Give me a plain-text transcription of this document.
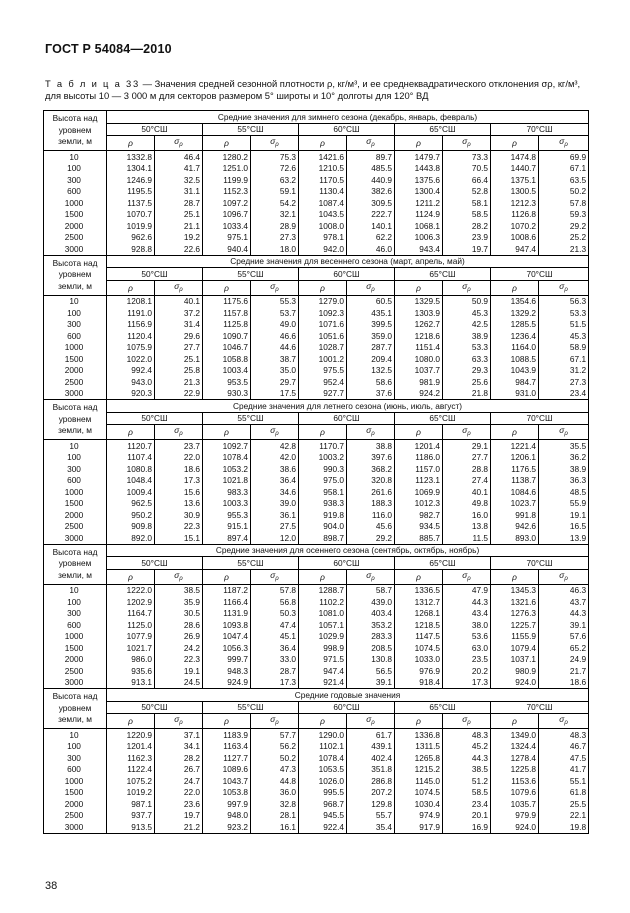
ГОСТ Р 54084—2010
Т а б л и ц а 33 — Значения средней сезонной плотности ρ, кг/м³, и ее среднеквадратического отклонения σρ, кг/м³, для высоты 10 — 3 000 м для секторов размером 5° широты и 10° долготы для 120° ВД
Высота над уровнем земли, м	Средние значения для зимнего сезона (декабрь, январь, февраль)									
	50°СШ		55°СШ		60°СШ		65°СШ		70°СШ	
	ρ	$\sigma_\rho$	ρ	$\sigma_\rho$	ρ	$\sigma_\rho$	ρ	$\sigma_\rho$	ρ	$\sigma_\rho$
10	1332.8	46.4	1280.2	75.3	1421.6	89.7	1479.7	73.3	1474.8	69.9
100	1304.1	41.7	1251.0	72.6	1210.5	485.5	1443.8	70.5	1440.7	67.1
300	1246.9	32.5	1199.9	63.2	1170.5	440.9	1375.6	66.4	1375.1	63.5
600	1195.5	31.1	1152.3	59.1	1130.4	382.6	1300.4	52.8	1300.5	50.2
1000	1137.5	28.7	1097.2	54.2	1087.4	309.5	1211.2	58.1	1212.3	57.8
1500	1070.7	25.1	1096.7	32.1	1043.5	222.7	1124.9	58.5	1126.8	59.3
2000	1019.9	21.1	1033.4	28.9	1008.0	140.1	1068.1	28.2	1070.2	29.2
2500	962.6	19.2	975.1	27.3	978.1	62.2	1006.3	23.9	1008.6	25.2
3000	928.8	22.6	940.4	18.0	942.0	46.0	943.4	19.7	947.4	21.3
Высота над уровнем земли, м	Средние значения для весеннего сезона (март, апрель, май)									
	50°СШ		55°СШ		60°СШ		65°СШ		70°СШ	
	ρ	$\sigma_\rho$	ρ	$\sigma_\rho$	ρ	$\sigma_\rho$	ρ	$\sigma_\rho$	ρ	$\sigma_\rho$
10	1208.1	40.1	1175.6	55.3	1279.0	60.5	1329.5	50.9	1354.6	56.3
100	1191.0	37.2	1157.8	53.7	1092.3	435.1	1303.9	45.3	1329.2	53.3
300	1156.9	31.4	1125.8	49.0	1071.6	399.5	1262.7	42.5	1285.5	51.5
600	1120.4	29.6	1090.7	46.6	1051.6	359.0	1218.6	38.9	1236.4	45.3
1000	1075.9	27.7	1046.7	44.6	1028.7	287.7	1151.4	53.3	1164.0	58.9
1500	1022.0	25.1	1058.8	38.7	1001.2	209.4	1080.0	63.3	1088.5	67.1
2000	992.4	25.8	1003.4	35.0	975.5	132.5	1037.7	29.3	1043.9	31.2
2500	943.0	21.3	953.5	29.7	952.4	58.6	981.9	25.6	984.7	27.3
3000	920.3	22.9	930.3	17.5	927.7	37.6	924.2	21.8	931.0	23.4
Высота над уровнем земли, м	Средние значения для летнего сезона (июнь, июль, август)									
	50°СШ		55°СШ		60°СШ		65°СШ		70°СШ	
	ρ	$\sigma_\rho$	ρ	$\sigma_\rho$	ρ	$\sigma_\rho$	ρ	$\sigma_\rho$	ρ	$\sigma_\rho$
10	1120.7	23.7	1092.7	42.8	1170.7	38.8	1201.4	29.1	1221.4	35.5
100	1107.4	22.0	1078.4	42.0	1003.2	397.6	1186.0	27.7	1206.1	36.2
300	1080.8	18.6	1053.2	38.6	990.3	368.2	1157.0	28.8	1176.5	38.9
600	1048.4	17.3	1021.8	36.4	975.0	320.8	1123.1	27.4	1138.7	36.3
1000	1009.4	15.6	983.3	34.6	958.1	261.6	1069.9	40.1	1084.6	48.5
1500	962.5	13.6	1003.3	39.0	938.3	188.3	1012.3	49.8	1023.7	55.9
2000	950.2	30.9	955.3	36.1	919.8	116.0	982.7	16.0	991.8	19.1
2500	909.8	22.3	915.1	27.5	904.0	45.6	934.5	13.8	942.6	16.5
3000	892.0	15.1	897.4	12.0	898.7	29.2	885.7	11.5	893.0	13.9
Высота над уровнем земли, м	Средние значения для осеннего сезона (сентябрь, октябрь, ноябрь)									
	50°СШ		55°СШ		60°СШ		65°СШ		70°СШ	
	ρ	$\sigma_\rho$	ρ	$\sigma_\rho$	ρ	$\sigma_\rho$	ρ	$\sigma_\rho$	ρ	$\sigma_\rho$
10	1222.0	38.5	1187.2	57.8	1288.7	58.7	1336.5	47.9	1345.3	46.3
100	1202.9	35.9	1166.4	56.8	1102.2	439.0	1312.7	44.3	1321.6	43.7
300	1164.7	30.5	1131.9	50.3	1081.0	403.4	1268.1	43.4	1276.3	44.3
600	1125.0	28.6	1093.8	47.4	1057.1	353.2	1218.5	38.0	1225.7	39.1
1000	1077.9	26.9	1047.4	45.1	1029.9	283.3	1147.5	53.6	1155.9	57.6
1500	1021.7	24.2	1056.3	36.4	998.9	208.5	1074.5	63.0	1079.4	65.2
2000	986.0	22.3	999.7	33.0	971.5	130.8	1033.0	23.5	1037.1	24.9
2500	935.6	19.1	948.3	28.7	947.4	56.5	976.9	20.2	980.9	21.7
3000	913.1	24.5	924.9	17.3	921.4	39.1	918.4	17.3	924.0	18.6
Высота над уровнем земли, м	Средние годовые значения									
	50°СШ		55°СШ		60°СШ		65°СШ		70°СШ	
	ρ	$\sigma_\rho$	ρ	$\sigma_\rho$	ρ	$\sigma_\rho$	ρ	$\sigma_\rho$	ρ	$\sigma_\rho$
10	1220.9	37.1	1183.9	57.7	1290.0	61.7	1336.8	48.3	1349.0	48.3
100	1201.4	34.1	1163.4	56.2	1102.1	439.1	1311.5	45.2	1324.4	46.7
300	1162.3	28.2	1127.7	50.2	1078.4	402.4	1265.8	44.3	1278.4	47.5
600	1122.4	26.7	1089.6	47.3	1053.5	351.8	1215.2	38.5	1225.8	41.7
1000	1075.2	24.7	1043.7	44.8	1026.0	286.8	1145.0	51.2	1153.6	55.1
1500	1019.2	22.0	1053.8	36.0	995.5	207.2	1074.5	58.5	1079.6	61.8
2000	987.1	23.6	997.9	32.8	968.7	129.8	1030.4	23.4	1035.7	25.5
2500	937.7	19.7	948.0	28.1	945.5	55.7	974.9	20.1	979.9	22.1
3000	913.5	21.2	923.2	16.1	922.4	35.4	917.9	16.9	924.0	19.8
38
